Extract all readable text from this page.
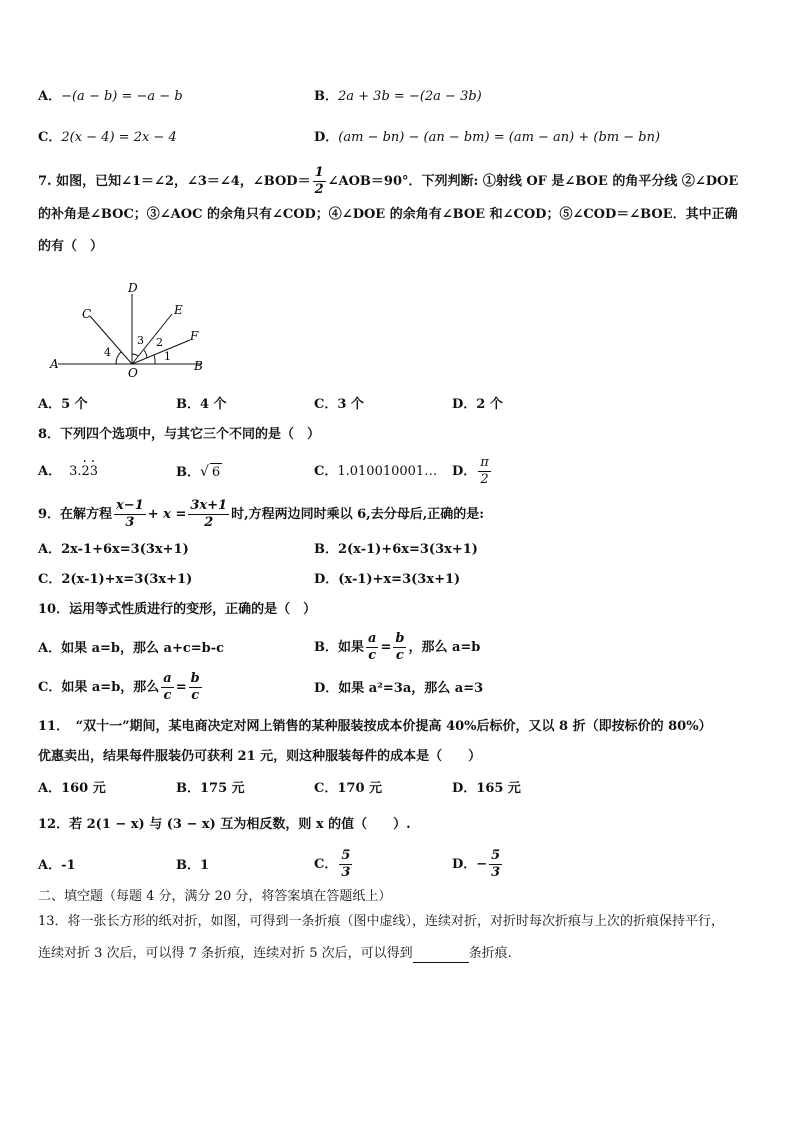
A．−(a − b) = −a − b	B．2a + 3b = −(2a − 3b)
C．2(x − 4) = 2x − 4	D．(am − bn) − (an − bm) = (am − an) + (bm − bn)
7. 如图，已知∠1＝∠2，∠3＝∠4，∠BOD＝ $\frac{1}{2}$ ∠AOB＝90°．下列判断: ①射线 OF 是∠BOE 的角平分线 ②∠DOE
的补角是∠BOC；③∠AOC 的余角只有∠COD；④∠DOE 的余角有∠BOE 和∠COD；⑤∠COD＝∠BOE．其中正确
的有（　）
A	B
C
D
E
F
O
1
2
3
4
A．5 个	B．4 个	C．3 个	D．2 个
8．下列四个选项中，与其它三个不同的是（　）
A． 3.2 ·3 ·	B．√ 6	C．1.010010001… D． $\frac{\pi}{2}$
9．在解方程 $\frac{x-1}{3} + x = \frac{3x+1}{2}$ 时,方程两边同时乘以 6,去分母后,正确的是:
A．2x-1+6x=3(3x+1)	B．2(x-1)+6x=3(3x+1)
C．2(x-1)+x=3(3x+1)	D．(x-1)+x=3(3x+1)
10．运用等式性质进行的变形，正确的是（　）
A．如果 a=b，那么 a+c=b-c	B．如果 $\frac{a}{c} = \frac{b}{c}$ ，那么 a=b
C．如果 a=b，那么 $\frac{a}{c} = \frac{b}{c}$	D．如果 a²=3a，那么 a=3
11．　“双十一”期间，某电商决定对网上销售的某种服装按成本价提高 40%后标价，又以 8 折（即按标价的 80%）
优惠卖出，结果每件服装仍可获利 21 元，则这种服装每件的成本是（　　）
A．160 元	B．175 元	C．170 元	D．165 元
12．若 2(1 − x) 与 (3 − x) 互为相反数，则 x 的值（　　）.
A．-1	B．1	C． $\frac{5}{3}$	D．− $\frac{5}{3}$
二、填空题（每题 4 分，满分 20 分，将答案填在答题纸上）
13．将一张长方形的纸对折，如图，可得到一条折痕（图中虚线），连续对折，对折时每次折痕与上次的折痕保持平行，
连续对折 3 次后，可以得 7 条折痕，连续对折 5 次后，可以得到	条折痕.
